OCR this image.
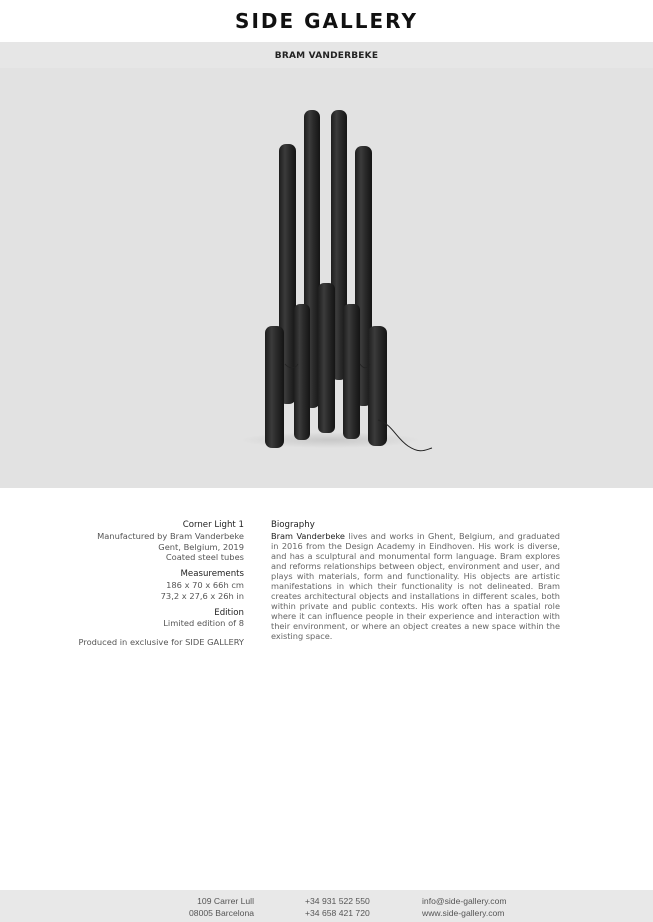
SIDE GALLERY
BRAM VANDERBEKE
Corner Light 1
Manufactured by Bram Vanderbeke
Gent, Belgium, 2019
Coated steel tubes
Measurements
186 x 70 x 66h cm
73,2 x 27,6 x 26h in
Edition
Limited edition of 8
Produced in exclusive for SIDE GALLERY
Biography

Bram Vanderbeke lives and works in Ghent, Belgium, and graduated in 2016 from the Design Academy in Eindhoven. His work is diverse, and has a sculptural and monumental form language. Bram explores and reforms relationships between object, environment and user, and plays with materials, form and functionality. His objects are artistic manifestations in which their functionality is not delineated. Bram creates architectural objects and installations in different scales, both within private and public contexts. His work often has a spatial role where it can influence people in their experience and interaction with their environment, or where an object creates a new space within the existing space.

109 Carrer Lull
08005 Barcelona
+34 931 522 550
+34 658 421 720
info@side-gallery.com
www.side-gallery.com
